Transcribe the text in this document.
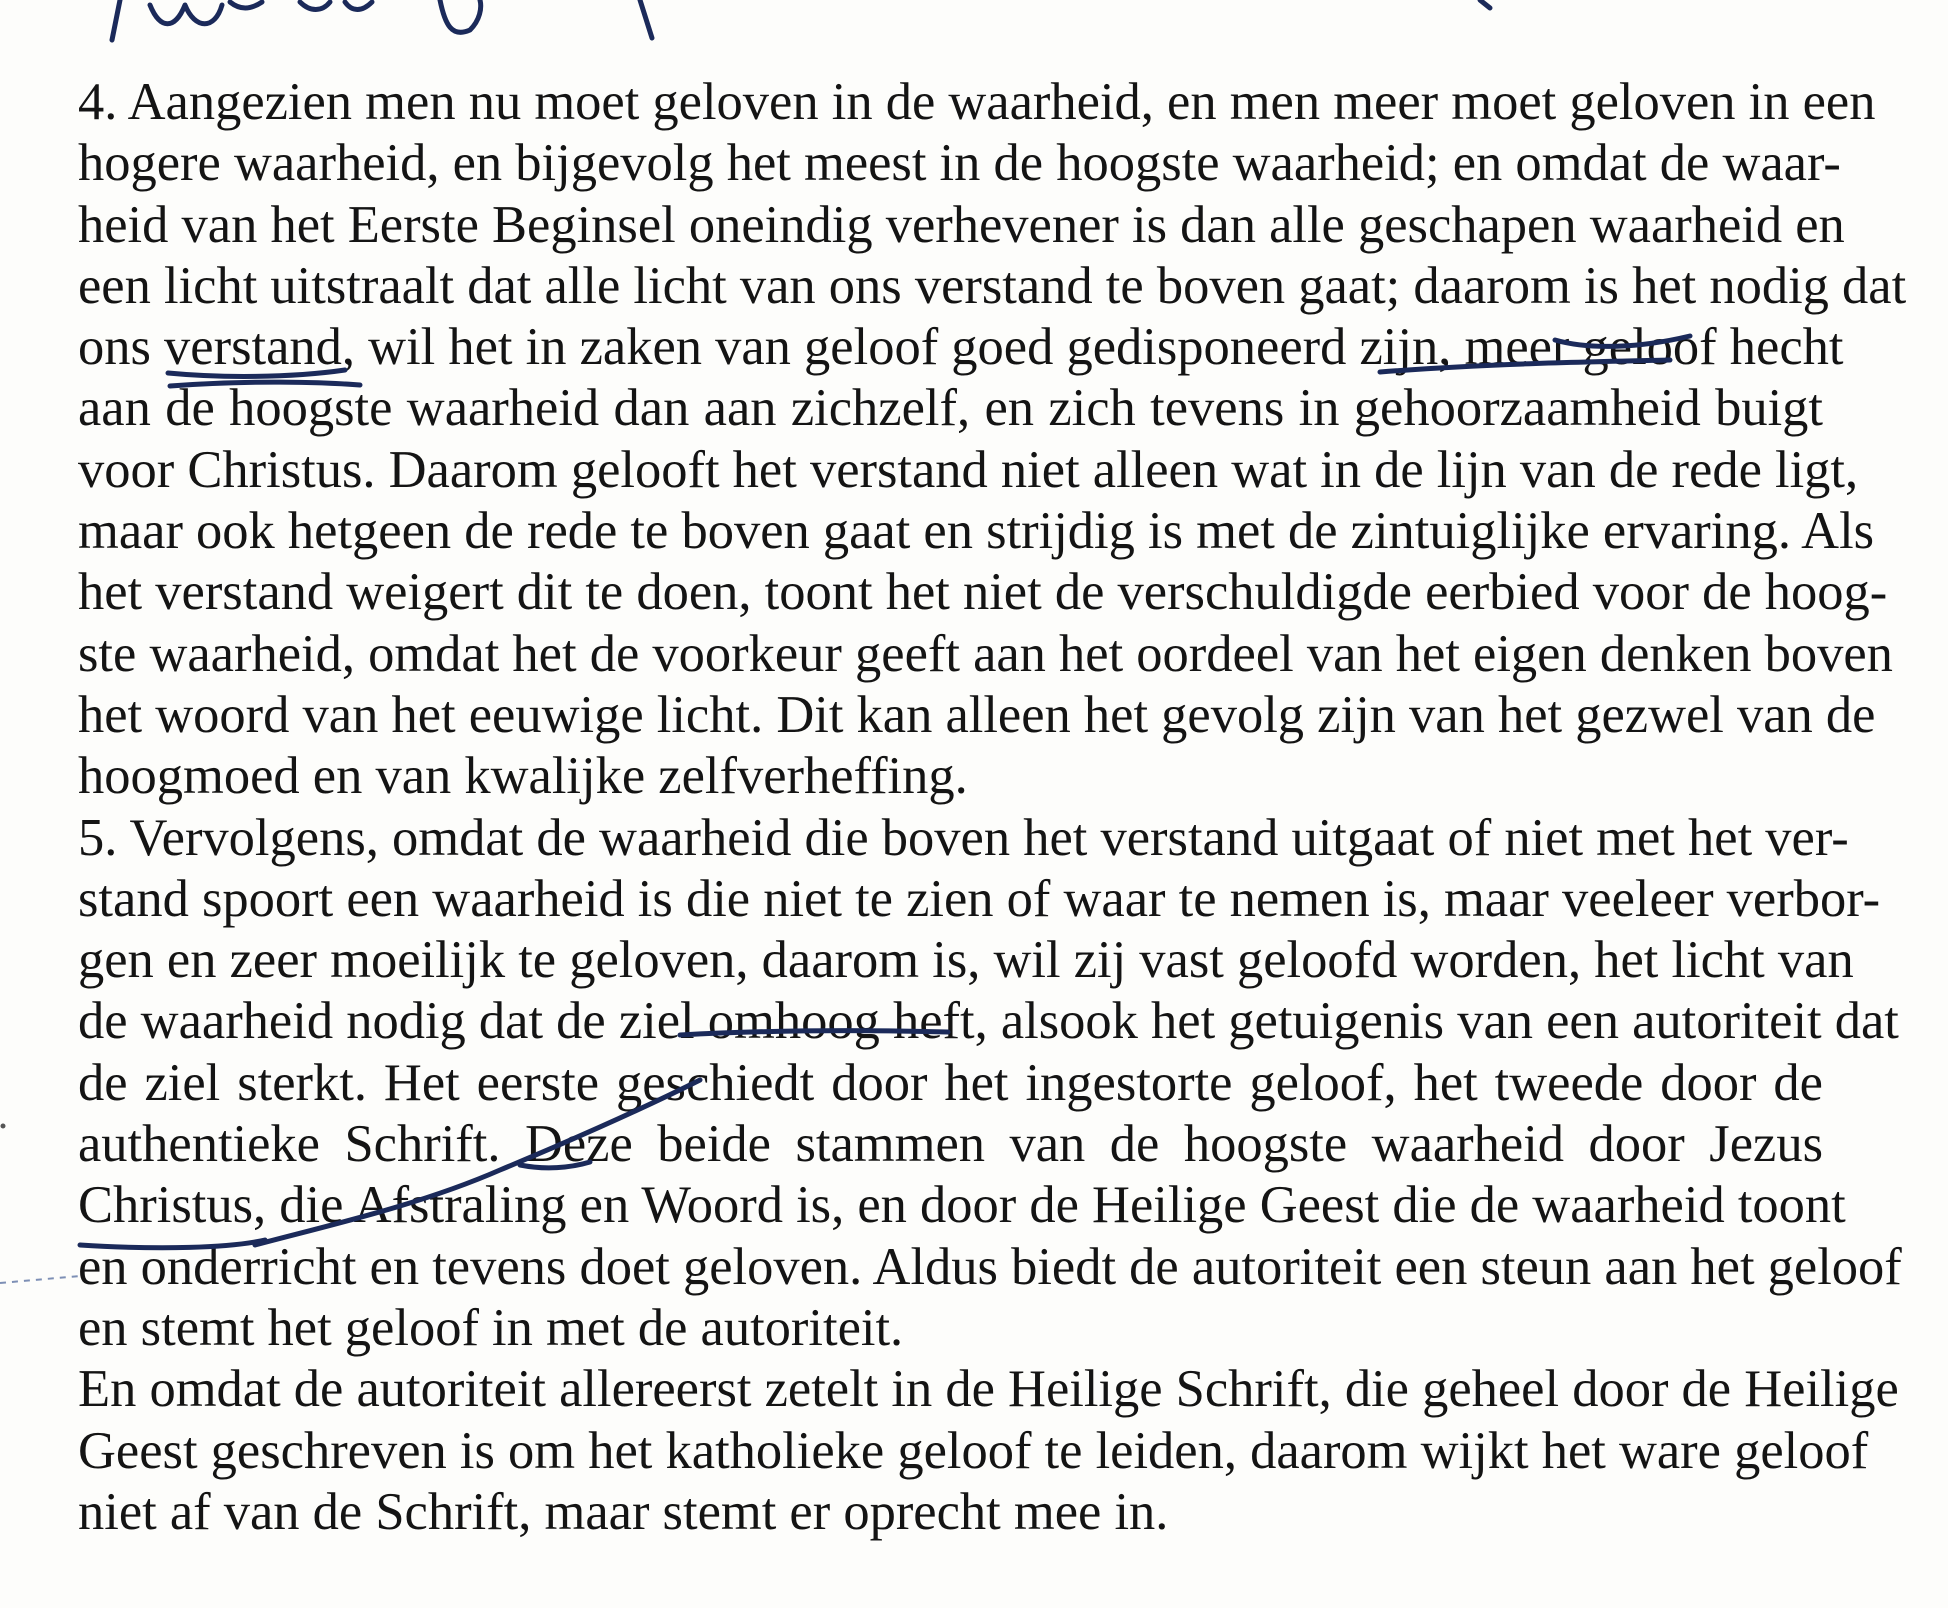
4. Aangezien men nu moet geloven in de waarheid, en men meer moet geloven in een
hogere waarheid, en bijgevolg het meest in de hoogste waarheid; en omdat de waar-
heid van het Eerste Beginsel oneindig verhevener is dan alle geschapen waarheid en
een licht uitstraalt dat alle licht van ons verstand te boven gaat; daarom is het nodig dat
ons verstand, wil het in zaken van geloof goed gedisponeerd zijn, meer geloof hecht
aan de hoogste waarheid dan aan zichzelf, en zich tevens in gehoorzaamheid buigt
voor Christus. Daarom gelooft het verstand niet alleen wat in de lijn van de rede ligt,
maar ook hetgeen de rede te boven gaat en strijdig is met de zintuiglijke ervaring. Als
het verstand weigert dit te doen, toont het niet de verschuldigde eerbied voor de hoog-
ste waarheid, omdat het de voorkeur geeft aan het oordeel van het eigen denken boven
het woord van het eeuwige licht. Dit kan alleen het gevolg zijn van het gezwel van de
hoogmoed en van kwalijke zelfverheffing.
5. Vervolgens, omdat de waarheid die boven het verstand uitgaat of niet met het ver-
stand spoort een waarheid is die niet te zien of waar te nemen is, maar veeleer verbor-
gen en zeer moeilijk te geloven, daarom is, wil zij vast geloofd worden, het licht van
de waarheid nodig dat de ziel omhoog heft, alsook het getuigenis van een autoriteit dat
de ziel sterkt. Het eerste geschiedt door het ingestorte geloof, het tweede door de
authentieke Schrift. Deze beide stammen van de hoogste waarheid door Jezus
Christus, die Afstraling en Woord is, en door de Heilige Geest die de waarheid toont
en onderricht en tevens doet geloven. Aldus biedt de autoriteit een steun aan het geloof
en stemt het geloof in met de autoriteit.
En omdat de autoriteit allereerst zetelt in de Heilige Schrift, die geheel door de Heilige
Geest geschreven is om het katholieke geloof te leiden, daarom wijkt het ware geloof
niet af van de Schrift, maar stemt er oprecht mee in.
